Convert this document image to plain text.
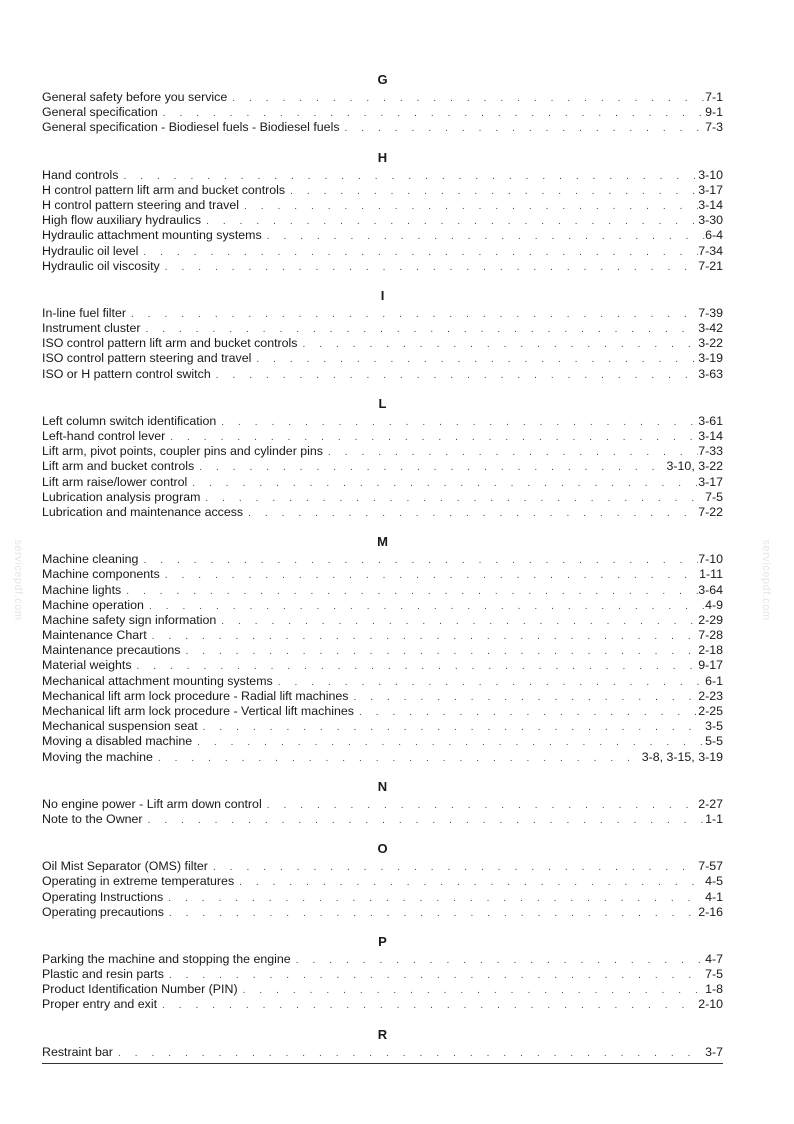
servicepdf.com	servicepdf.com
G
General safety before you service . . .	7-1
General specification . . .	9-1
General specification - Biodiesel fuels - Biodiesel fuels . . .	7-3
H
Hand controls . . .	3-10
H control pattern lift arm and bucket controls . . .	3-17
H control pattern steering and travel . . .	3-14
High flow auxiliary hydraulics . . .	3-30
Hydraulic attachment mounting systems . . .	6-4
Hydraulic oil level . . .	7-34
Hydraulic oil viscosity . . .	7-21
I
In-line fuel filter . . .	7-39
Instrument cluster . . .	3-42
ISO control pattern lift arm and bucket controls . . .	3-22
ISO control pattern steering and travel . . .	3-19
ISO or H pattern control switch . . .	3-63
L
Left column switch identification . . .	3-61
Left-hand control lever . . .	3-14
Lift arm, pivot points, coupler pins and cylinder pins . . .	7-33
Lift arm and bucket controls . . .	3-10, 3-22
Lift arm raise/lower control . . .	3-17
Lubrication analysis program . . .	7-5
Lubrication and maintenance access . . .	7-22
M
Machine cleaning . . .	7-10
Machine components . . .	1-11
Machine lights . . .	3-64
Machine operation . . .	4-9
Machine safety sign information . . .	2-29
Maintenance Chart . . .	7-28
Maintenance precautions . . .	2-18
Material weights . . .	9-17
Mechanical attachment mounting systems . . .	6-1
Mechanical lift arm lock procedure - Radial lift machines . . .	2-23
Mechanical lift arm lock procedure - Vertical lift machines . . .	2-25
Mechanical suspension seat . . .	3-5
Moving a disabled machine . . .	5-5
Moving the machine . . .	3-8, 3-15, 3-19
N
No engine power - Lift arm down control . . .	2-27
Note to the Owner . . .	1-1
O
Oil Mist Separator (OMS) filter . . .	7-57
Operating in extreme temperatures . . .	4-5
Operating Instructions . . .	4-1
Operating precautions . . .	2-16
P
Parking the machine and stopping the engine . . .	4-7
Plastic and resin parts . . .	7-5
Product Identification Number (PIN) . . .	1-8
Proper entry and exit . . .	2-10
R
Restraint bar . . .	3-7
